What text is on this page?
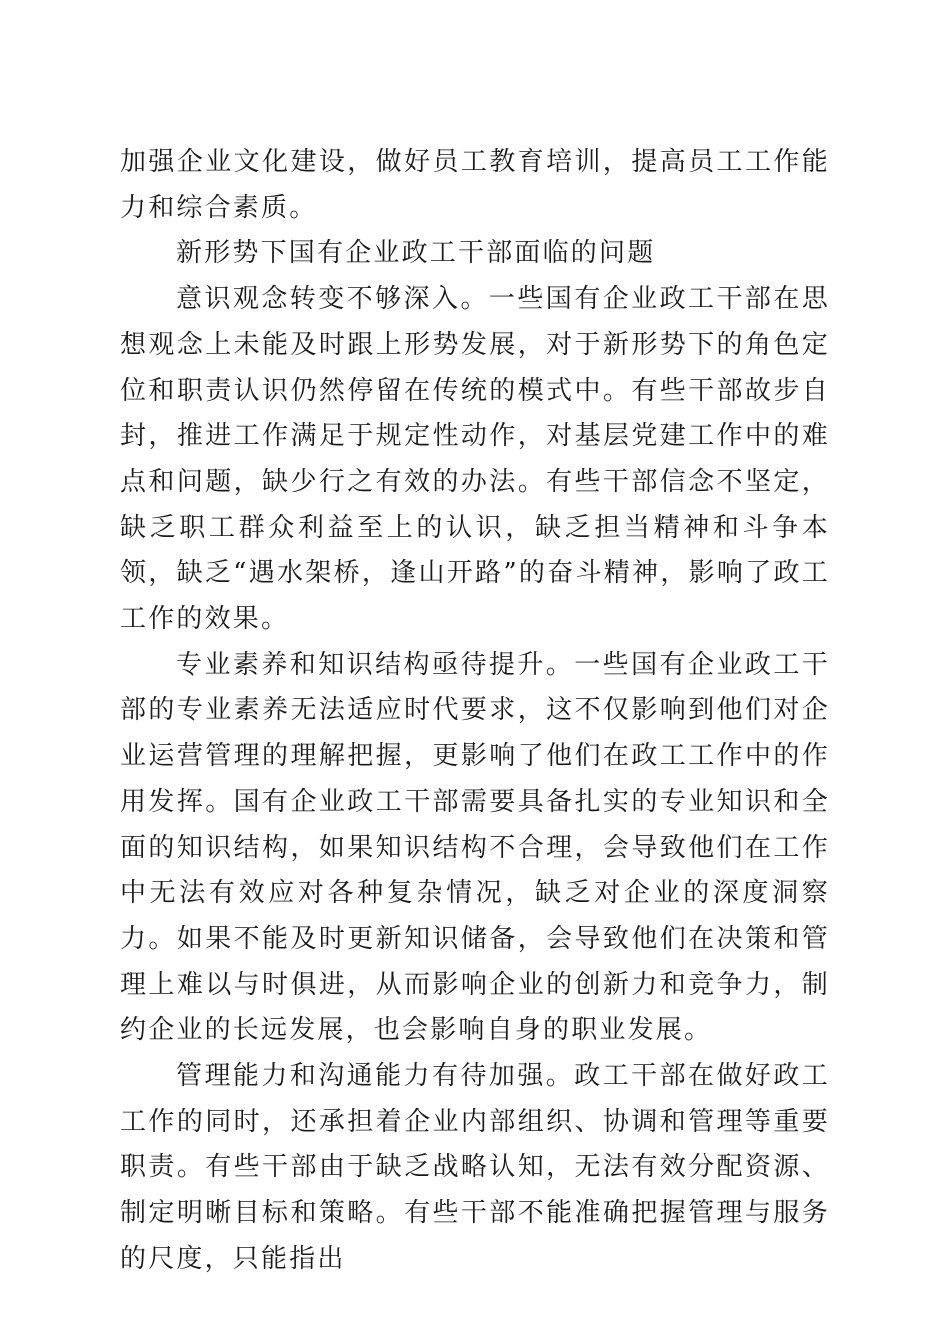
加强企业文化建设，做好员工教育培训，提高员工工作能力和综合素质。

新形势下国有企业政工干部面临的问题

意识观念转变不够深入。一些国有企业政工干部在思想观念上未能及时跟上形势发展，对于新形势下的角色定位和职责认识仍然停留在传统的模式中。有些干部故步自封，推进工作满足于规定性动作，对基层党建工作中的难点和问题，缺少行之有效的办法。有些干部信念不坚定，缺乏职工群众利益至上的认识，缺乏担当精神和斗争本领，缺乏“遇水架桥，逢山开路”的奋斗精神，影响了政工工作的效果。

专业素养和知识结构亟待提升。一些国有企业政工干部的专业素养无法适应时代要求，这不仅影响到他们对企业运营管理的理解把握，更影响了他们在政工工作中的作用发挥。国有企业政工干部需要具备扎实的专业知识和全面的知识结构，如果知识结构不合理，会导致他们在工作中无法有效应对各种复杂情况，缺乏对企业的深度洞察力。如果不能及时更新知识储备，会导致他们在决策和管理上难以与时俱进，从而影响企业的创新力和竞争力，制约企业的长远发展，也会影响自身的职业发展。

管理能力和沟通能力有待加强。政工干部在做好政工工作的同时，还承担着企业内部组织、协调和管理等重要职责。有些干部由于缺乏战略认知，无法有效分配资源、制定明晰目标和策略。有些干部不能准确把握管理与服务的尺度，只能指出
